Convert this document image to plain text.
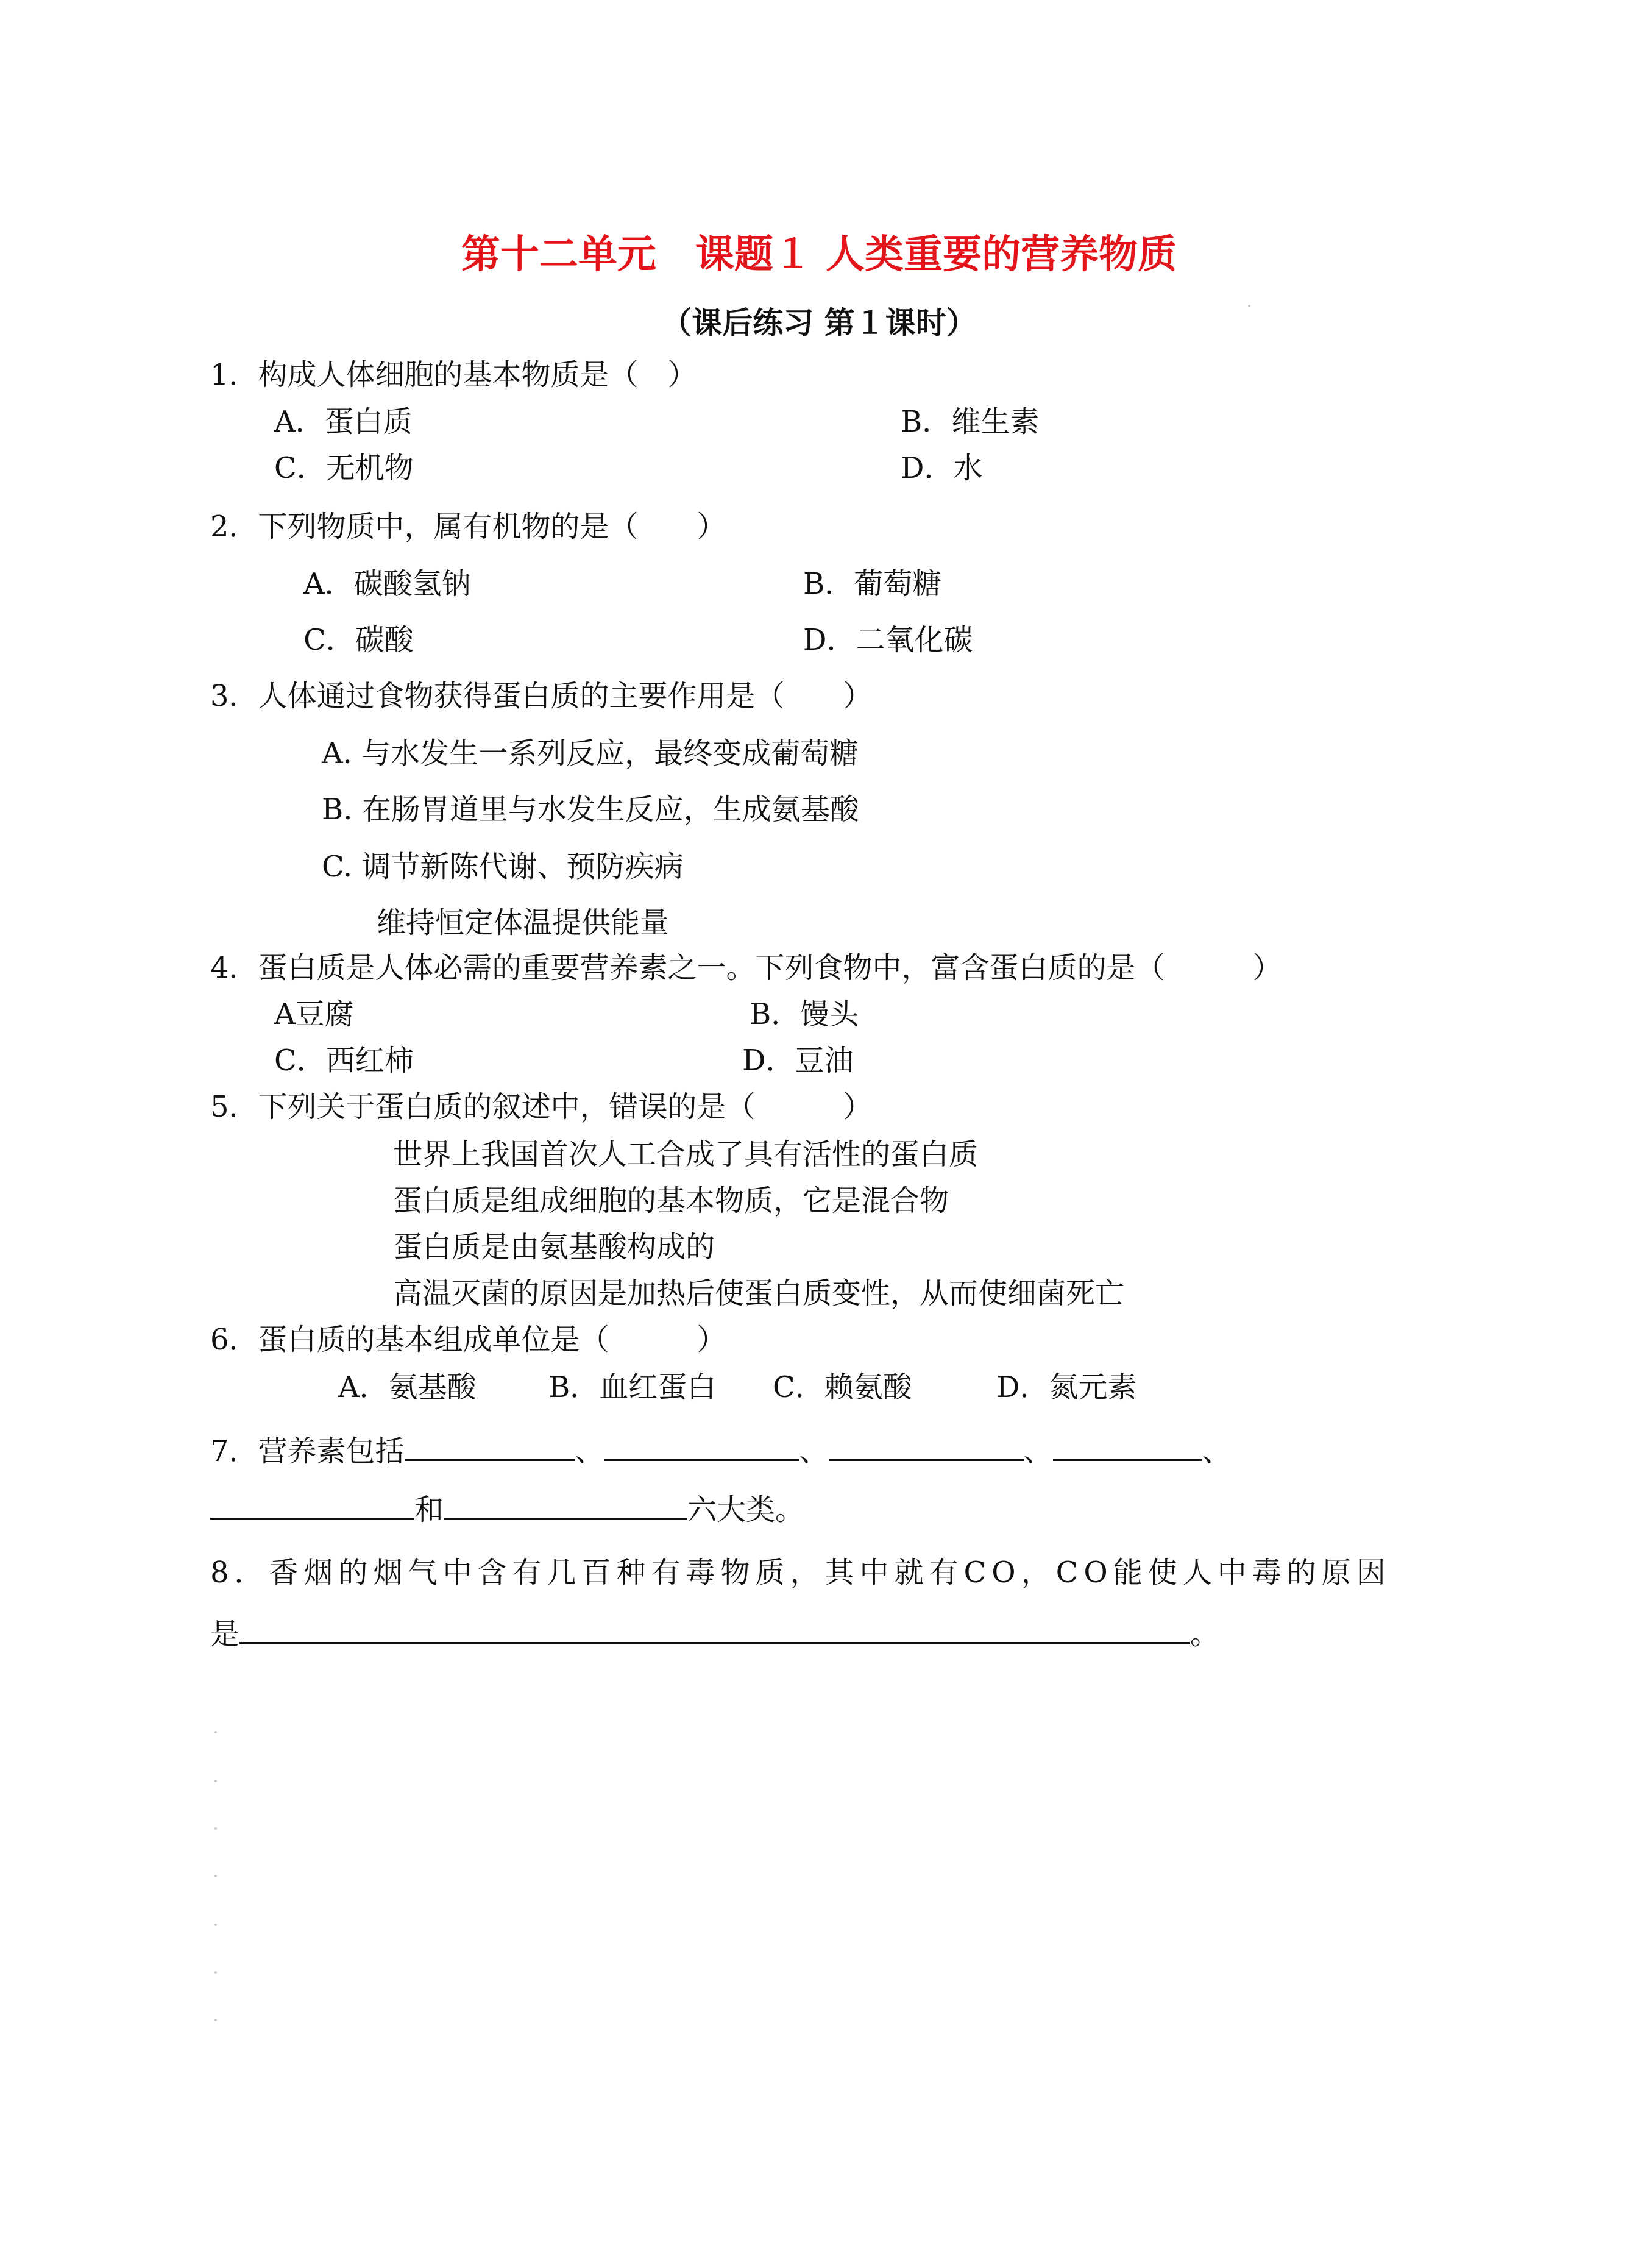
第十二单元　课题１ 人类重要的营养物质
（课后练习 第１课时）
1．构成人体细胞的基本物质是（　）
A．蛋白质	B．维生素
C．无机物	D．水
2．下列物质中，属有机物的是（　　）
A．碳酸氢钠	B．葡萄糖
C．碳酸	D．二氧化碳
3．人体通过食物获得蛋白质的主要作用是（　　）
A. 与水发生一系列反应，最终变成葡萄糖
B. 在肠胃道里与水发生反应，生成氨基酸
C. 调节新陈代谢、预防疾病
维持恒定体温提供能量
4．蛋白质是人体必需的重要营养素之一。下列食物中，富含蛋白质的是（　　　）
A豆腐	B．馒头
C．西红柿	D．豆油
5．下列关于蛋白质的叙述中，错误的是（　　　）
世界上我国首次人工合成了具有活性的蛋白质
蛋白质是组成细胞的基本物质，它是混合物
蛋白质是由氨基酸构成的
高温灭菌的原因是加热后使蛋白质变性，从而使细菌死亡
6．蛋白质的基本组成单位是（　　　）
A．氨基酸 B．血红蛋白 C．赖氨酸	D．氮元素
7．营养素包括	、	、	、	、
和	六大类。
8．香烟的烟气中含有几百种有毒物质，其中就有CO，CO能使人中毒的原因
是	。
